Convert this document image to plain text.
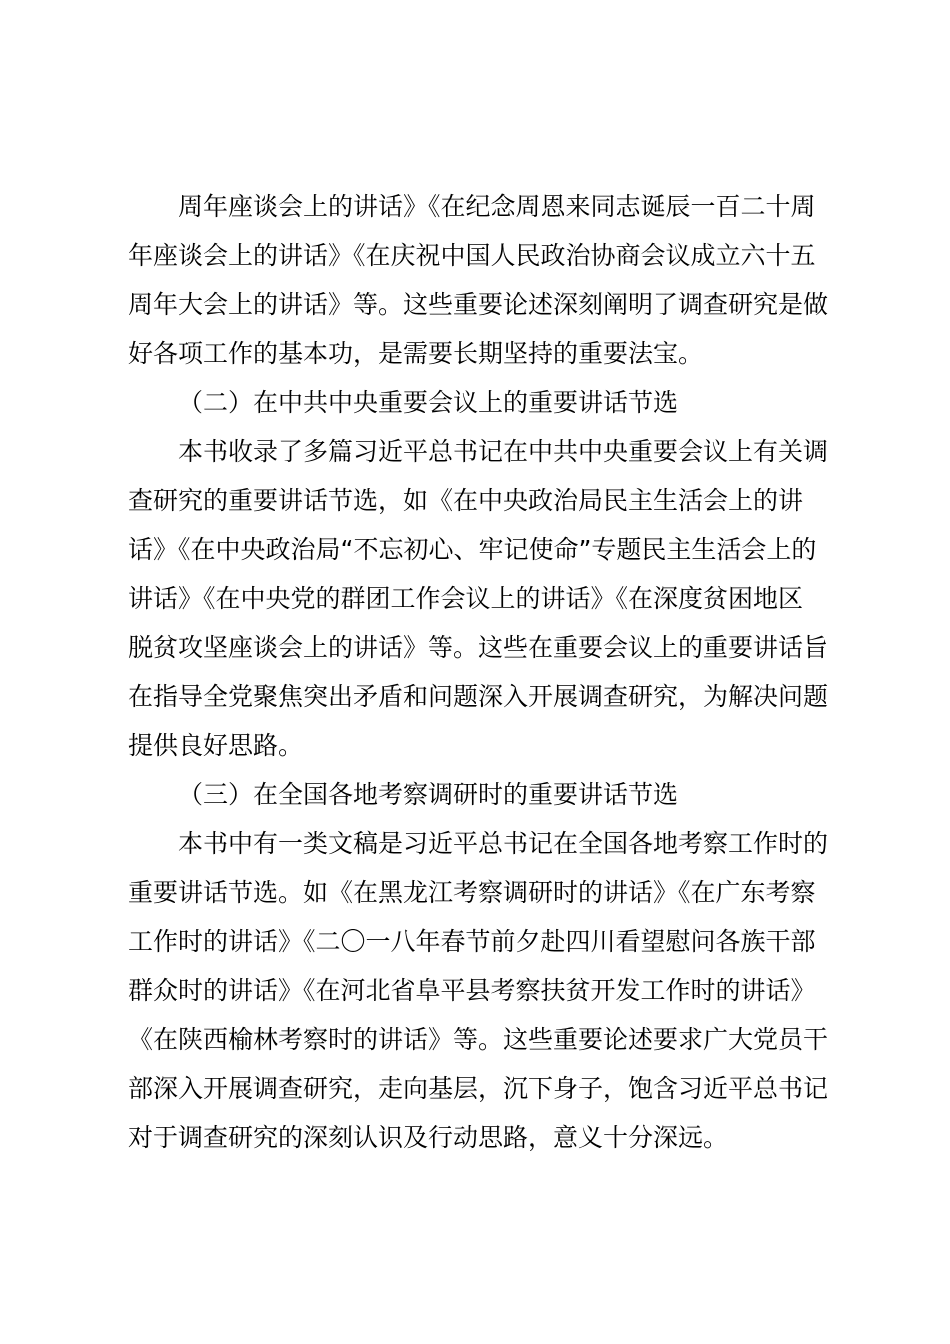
周年座谈会上的讲话》《在纪念周恩来同志诞辰一百二十周
年座谈会上的讲话》《在庆祝中国人民政治协商会议成立六十五
周年大会上的讲话》等。这些重要论述深刻阐明了调查研究是做
好各项工作的基本功，是需要长期坚持的重要法宝。
（二）在中共中央重要会议上的重要讲话节选
本书收录了多篇习近平总书记在中共中央重要会议上有关调
查研究的重要讲话节选，如《在中央政治局民主生活会上的讲
话》《在中央政治局“不忘初心、牢记使命”专题民主生活会上的
讲话》《在中央党的群团工作会议上的讲话》《在深度贫困地区
脱贫攻坚座谈会上的讲话》等。这些在重要会议上的重要讲话旨
在指导全党聚焦突出矛盾和问题深入开展调查研究，为解决问题
提供良好思路。
（三）在全国各地考察调研时的重要讲话节选
本书中有一类文稿是习近平总书记在全国各地考察工作时的
重要讲话节选。如《在黑龙江考察调研时的讲话》《在广东考察
工作时的讲话》《二〇一八年春节前夕赴四川看望慰问各族干部
群众时的讲话》《在河北省阜平县考察扶贫开发工作时的讲话》
《在陕西榆林考察时的讲话》等。这些重要论述要求广大党员干
部深入开展调查研究，走向基层，沉下身子，饱含习近平总书记
对于调查研究的深刻认识及行动思路，意义十分深远。
